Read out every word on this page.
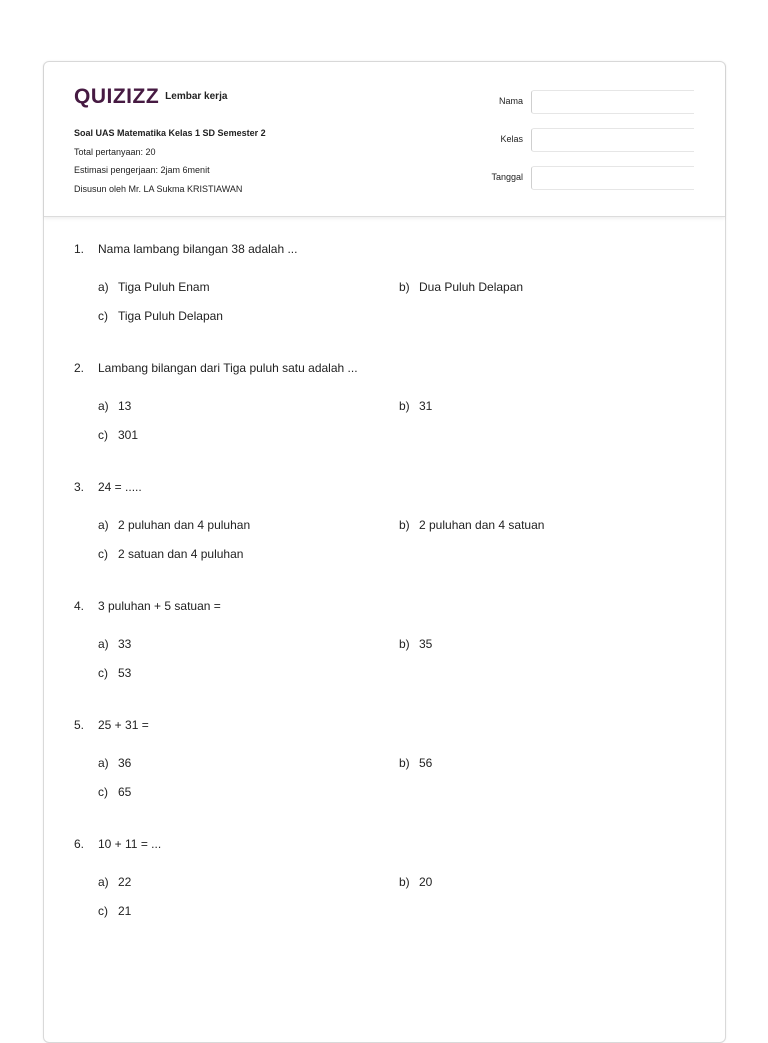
QUIZIZZ Lembar kerja
Soal UAS Matematika Kelas 1 SD Semester 2
Total pertanyaan: 20
Estimasi pengerjaan: 2jam 6menit
Disusun oleh Mr. LA Sukma KRISTIAWAN
Nama
Kelas
Tanggal
1. Nama lambang bilangan 38 adalah ...
a) Tiga Puluh Enam	b) Dua Puluh Delapan
c) Tiga Puluh Delapan
2. Lambang bilangan dari Tiga puluh satu adalah ...
a) 13	b) 31
c) 301
3. 24 = .....
a) 2 puluhan dan 4 puluhan	b) 2 puluhan dan 4 satuan
c) 2 satuan dan 4 puluhan
4. 3 puluhan + 5 satuan =
a) 33	b) 35
c) 53
5. 25 + 31 =
a) 36	b) 56
c) 65
6. 10 + 11 = ...
a) 22	b) 20
c) 21
